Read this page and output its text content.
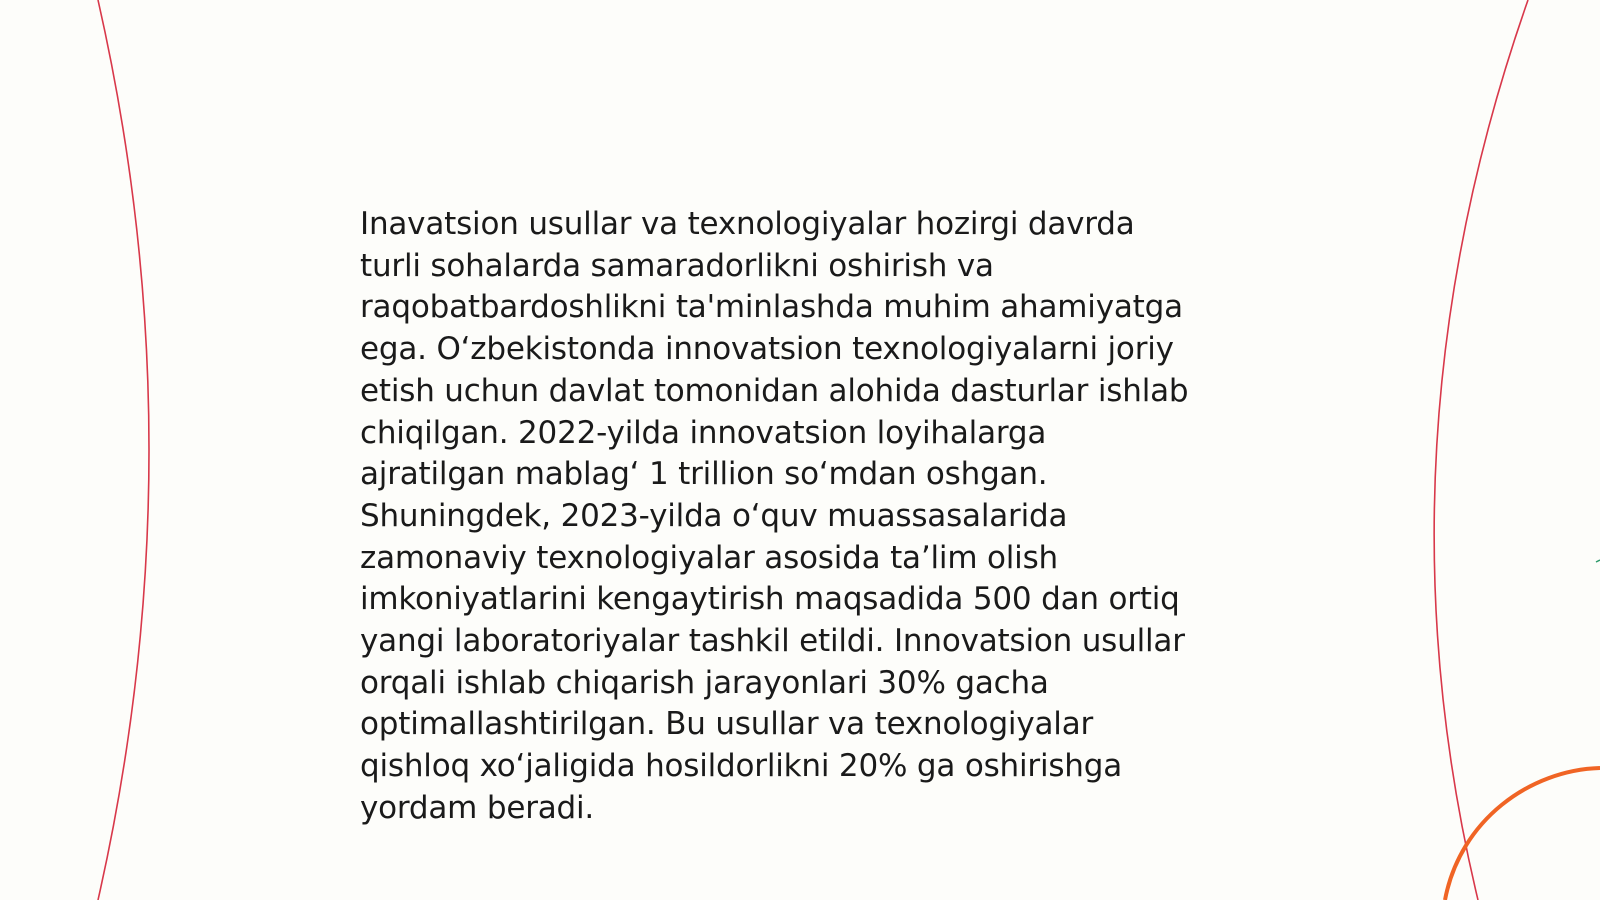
Inavatsion usullar va texnologiyalar hozirgi davrda
turli sohalarda samaradorlikni oshirish va
raqobatbardoshlikni ta'minlashda muhim ahamiyatga
ega. O‘zbekistonda innovatsion texnologiyalarni joriy
etish uchun davlat tomonidan alohida dasturlar ishlab
chiqilgan. 2022-yilda innovatsion loyihalarga
ajratilgan mablag‘ 1 trillion so‘mdan oshgan.
Shuningdek, 2023-yilda o‘quv muassasalarida
zamonaviy texnologiyalar asosida ta’lim olish
imkoniyatlarini kengaytirish maqsadida 500 dan ortiq
yangi laboratoriyalar tashkil etildi. Innovatsion usullar
orqali ishlab chiqarish jarayonlari 30% gacha
optimallashtirilgan. Bu usullar va texnologiyalar
qishloq xo‘jaligida hosildorlikni 20% ga oshirishga
yordam beradi.
